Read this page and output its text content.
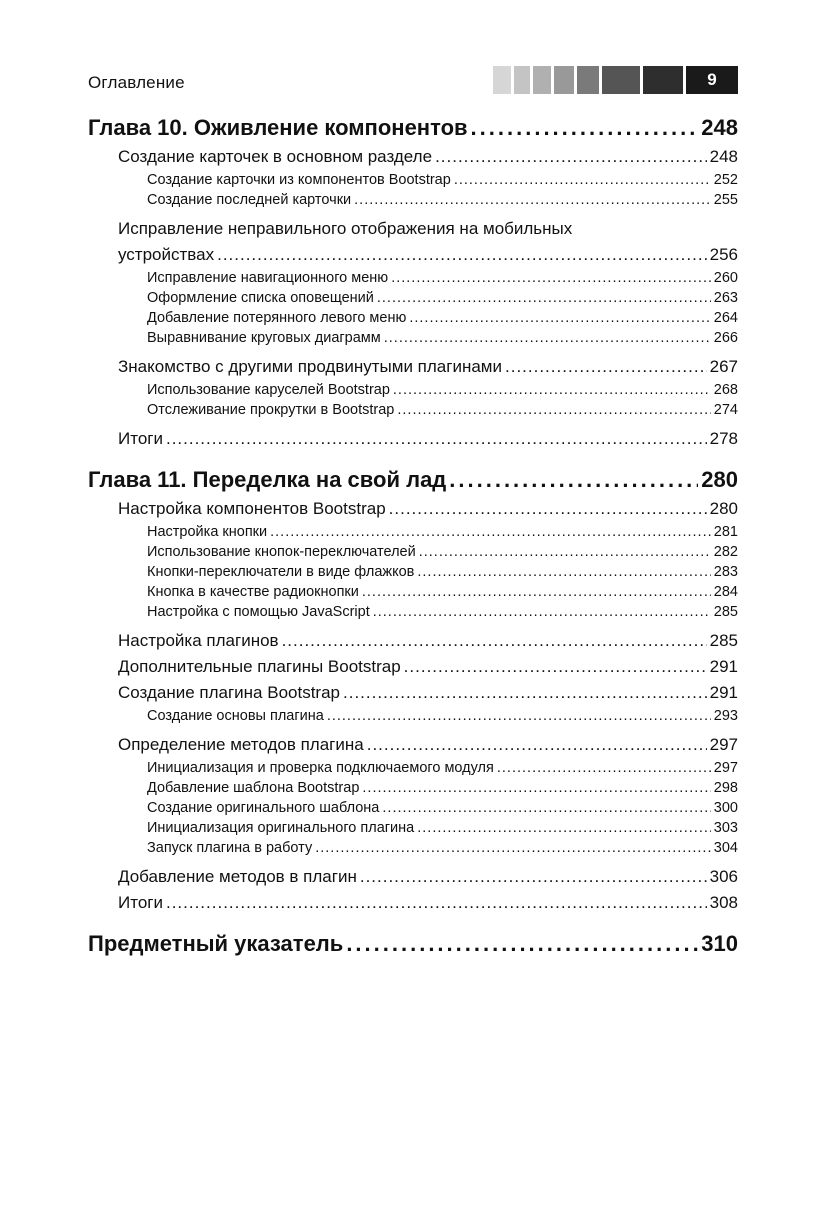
Оглавление	9
Глава 10. Оживление компонентов .....	248
Создание карточек в основном разделе .....	248
Создание карточки из компонентов Bootstrap .....	252
Создание последней карточки .....	255
Исправление неправильного отображения на мобильных
устройствах .....	256
Исправление навигационного меню .....	260
Оформление списка оповещений .....	263
Добавление потерянного левого меню .....	264
Выравнивание круговых диаграмм .....	266
Знакомство с другими продвинутыми плагинами .....	267
Использование каруселей Bootstrap .....	268
Отслеживание прокрутки в Bootstrap .....	274
Итоги .....	278
Глава 11. Переделка на свой лад .....	280
Настройка компонентов Bootstrap .....	280
Настройка кнопки .....	281
Использование кнопок-переключателей .....	282
Кнопки-переключатели в виде флажков .....	283
Кнопка в качестве радиокнопки .....	284
Настройка с помощью JavaScript .....	285
Настройка плагинов .....	285
Дополнительные плагины Bootstrap .....	291
Создание плагина Bootstrap .....	291
Создание основы плагина .....	293
Определение методов плагина .....	297
Инициализация и проверка подключаемого модуля .....	297
Добавление шаблона Bootstrap .....	298
Создание оригинального шаблона .....	300
Инициализация оригинального плагина .....	303
Запуск плагина в работу .....	304
Добавление методов в плагин .....	306
Итоги .....	308
Предметный указатель .....	310
